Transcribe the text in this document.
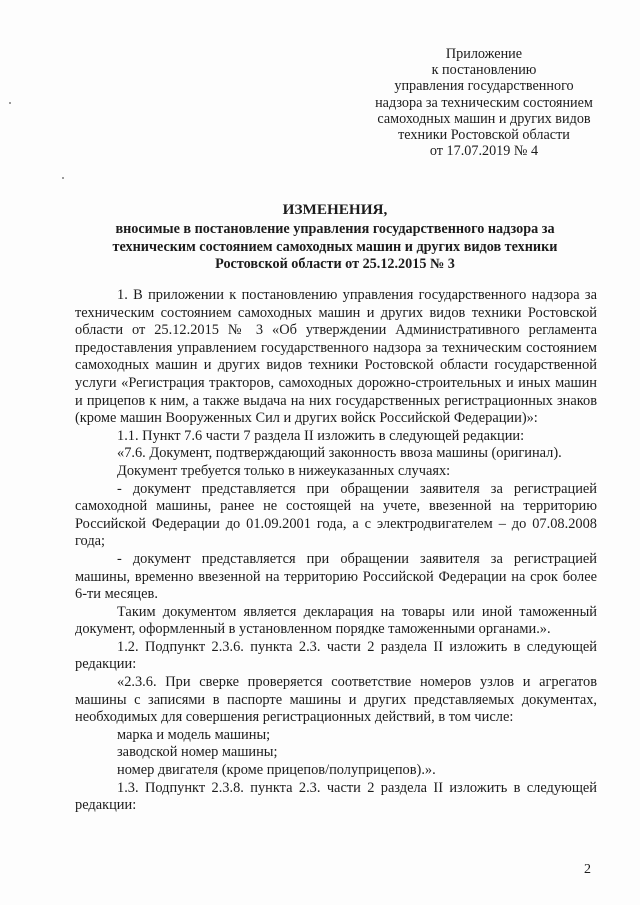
Приложение
к постановлению
управления государственного
надзора за техническим состоянием
самоходных машин и других видов
техники Ростовской области
от 17.07.2019 № 4
ИЗМЕНЕНИЯ,
вносимые в постановление управления государственного надзора за
техническим состоянием самоходных машин и других видов техники
Ростовской области от 25.12.2015 № 3

1. В приложении к постановлению управления государственного надзора за техническим состоянием самоходных машин и других видов техники Ростовской области от 25.12.2015 № 3 «Об утверждении Административного регламента предоставления управлением государственного надзора за техническим состоянием самоходных машин и других видов техники Ростовской области государственной услуги «Регистрация тракторов, самоходных дорожно-строительных и иных машин и прицепов к ним, а также выдача на них государственных регистрационных знаков (кроме машин Вооруженных Сил и других войск Российской Федерации)»:

1.1. Пункт 7.6 части 7 раздела II изложить в следующей редакции:

«7.6. Документ, подтверждающий законность ввоза машины (оригинал).

Документ требуется только в нижеуказанных случаях:

- документ представляется при обращении заявителя за регистрацией самоходной машины, ранее не состоящей на учете, ввезенной на территорию Российской Федерации до 01.09.2001 года, а с электродвигателем – до 07.08.2008 года;

- документ представляется при обращении заявителя за регистрацией машины, временно ввезенной на территорию Российской Федерации на срок более 6-ти месяцев.

Таким документом является декларация на товары или иной таможенный документ, оформленный в установленном порядке таможенными органами.».

1.2. Подпункт 2.3.6. пункта 2.3. части 2 раздела II изложить в следующей редакции:

«2.3.6. При сверке проверяется соответствие номеров узлов и агрегатов машины с записями в паспорте машины и других представляемых документах, необходимых для совершения регистрационных действий, в том числе:

марка и модель машины;

заводской номер машины;

номер двигателя (кроме прицепов/полуприцепов).».

1.3. Подпункт 2.3.8. пункта 2.3. части 2 раздела II изложить в следующей редакции:

2
